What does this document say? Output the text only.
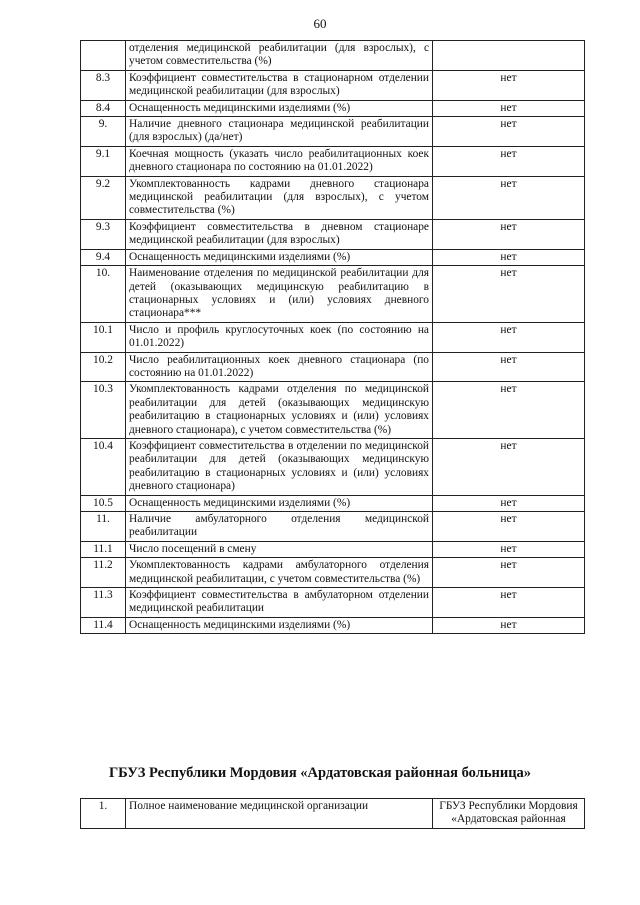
60
	отделения медицинской реабилитации (для взрослых), с учетом совместительства (%)	
8.3	Коэффициент совместительства в стационарном отделении медицинской реабилитации (для взрослых)	нет
8.4	Оснащенность медицинскими изделиями (%)	нет
9.	Наличие дневного стационара медицинской реабилитации (для взрослых) (да/нет)	нет
9.1	Коечная мощность (указать число реабилитационных коек дневного стационара по состоянию на 01.01.2022)	нет
9.2	Укомплектованность кадрами дневного стационара медицинской реабилитации (для взрослых), с учетом совместительства (%)	нет
9.3	Коэффициент совместительства в дневном стационаре медицинской реабилитации (для взрослых)	нет
9.4	Оснащенность медицинскими изделиями (%)	нет
10.	Наименование отделения по медицинской реабилитации для детей (оказывающих медицинскую реабилитацию в стационарных условиях и (или) условиях дневного стационара***	нет
10.1	Число и профиль круглосуточных коек (по состоянию на 01.01.2022)	нет
10.2	Число реабилитационных коек дневного стационара (по состоянию на 01.01.2022)	нет
10.3	Укомплектованность кадрами отделения по медицинской реабилитации для детей (оказывающих медицинскую реабилитацию в стационарных условиях и (или) условиях дневного стационара), с учетом совместительства (%)	нет
10.4	Коэффициент совместительства в отделении по медицинской реабилитации для детей (оказывающих медицинскую реабилитацию в стационарных условиях и (или) условиях дневного стационара)	нет
10.5	Оснащенность медицинскими изделиями (%)	нет
11.	Наличие амбулаторного отделения медицинской реабилитации	нет
11.1	Число посещений в смену	нет
11.2	Укомплектованность кадрами амбулаторного отделения медицинской реабилитации, с учетом совместительства (%)	нет
11.3	Коэффициент совместительства в амбулаторном отделении медицинской реабилитации	нет
11.4	Оснащенность медицинскими изделиями (%)	нет
ГБУЗ Республики Мордовия «Ардатовская районная больница»
1.	Полное наименование медицинской организации	ГБУЗ Республики Мордовия «Ардатовская районная
